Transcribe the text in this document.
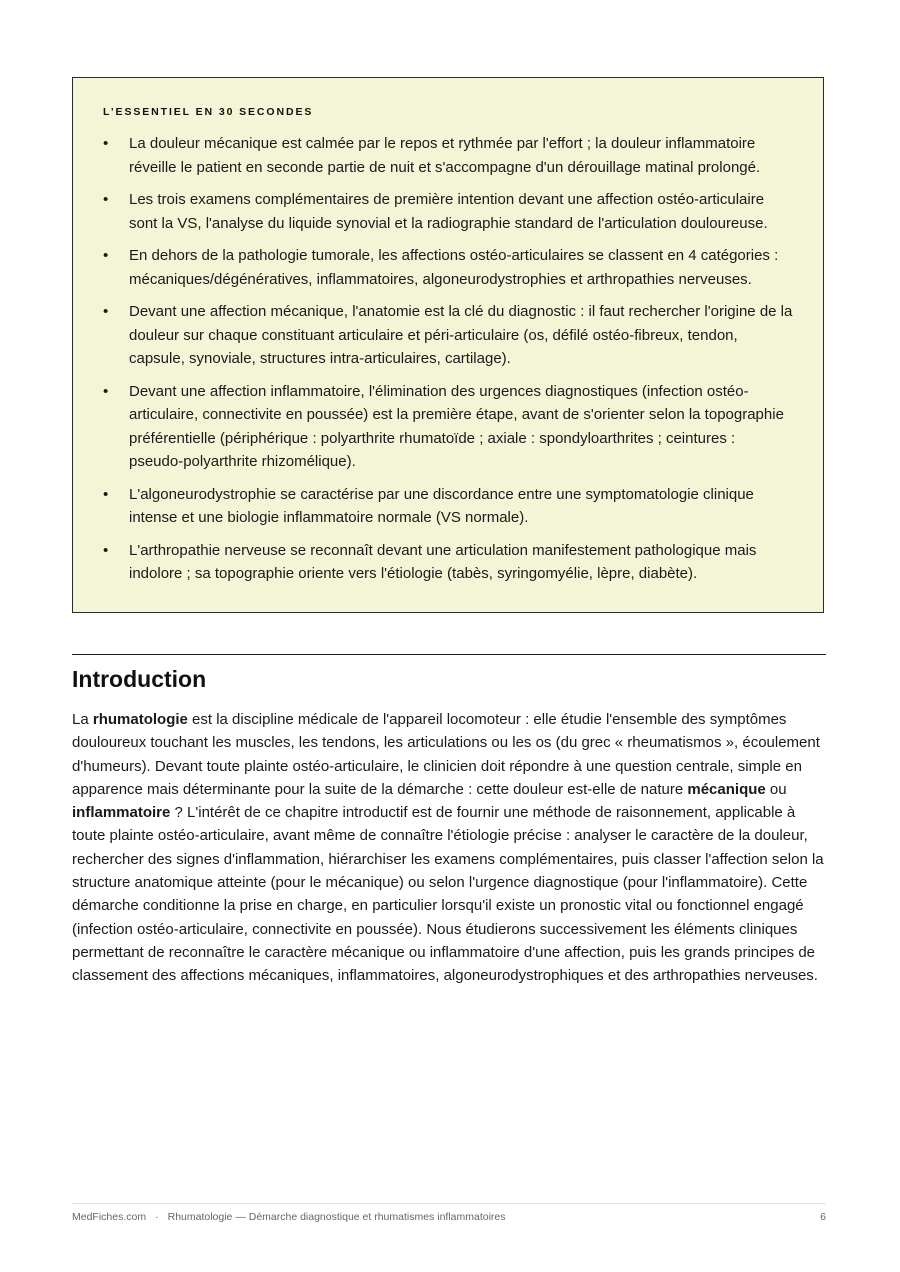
L’ESSENTIEL EN 30 SECONDES
• La douleur mécanique est calmée par le repos et rythmée par l'effort ; la douleur inflammatoire réveille le patient en seconde partie de nuit et s'accompagne d'un dérouillage matinal prolongé.
• Les trois examens complémentaires de première intention devant une affection ostéo-articulaire sont la VS, l'analyse du liquide synovial et la radiographie standard de l'articulation douloureuse.
• En dehors de la pathologie tumorale, les affections ostéo-articulaires se classent en 4 catégories : mécaniques/dégénératives, inflammatoires, algoneurodystrophies et arthropathies nerveuses.
• Devant une affection mécanique, l'anatomie est la clé du diagnostic : il faut rechercher l'origine de la douleur sur chaque constituant articulaire et péri-articulaire (os, défilé ostéo-fibreux, tendon, capsule, synoviale, structures intra-articulaires, cartilage).
• Devant une affection inflammatoire, l'élimination des urgences diagnostiques (infection ostéo-articulaire, connectivite en poussée) est la première étape, avant de s'orienter selon la topographie préférentielle (périphérique : polyarthrite rhumatoïde ; axiale : spondyloarthrites ; ceintures : pseudo-polyarthrite rhizomélique).
• L'algoneurodystrophie se caractérise par une discordance entre une symptomatologie clinique intense et une biologie inflammatoire normale (VS normale).
• L'arthropathie nerveuse se reconnaît devant une articulation manifestement pathologique mais indolore ; sa topographie oriente vers l'étiologie (tabès, syringomyélie, lèpre, diabète).
Introduction

La rhumatologie est la discipline médicale de l'appareil locomoteur : elle étudie l'ensemble des symptômes douloureux touchant les muscles, les tendons, les articulations ou les os (du grec « rheumatismos », écoulement d'humeurs). Devant toute plainte ostéo-articulaire, le clinicien doit répondre à une question centrale, simple en apparence mais déterminante pour la suite de la démarche : cette douleur est-elle de nature mécanique ou inflammatoire ? L'intérêt de ce chapitre introductif est de fournir une méthode de raisonnement, applicable à toute plainte ostéo-articulaire, avant même de connaître l'étiologie précise : analyser le caractère de la douleur, rechercher des signes d'inflammation, hiérarchiser les examens complémentaires, puis classer l'affection selon la structure anatomique atteinte (pour le mécanique) ou selon l'urgence diagnostique (pour l'inflammatoire). Cette démarche conditionne la prise en charge, en particulier lorsqu'il existe un pronostic vital ou fonctionnel engagé (infection ostéo-articulaire, connectivite en poussée). Nous étudierons successivement les éléments cliniques permettant de reconnaître le caractère mécanique ou inflammatoire d'une affection, puis les grands principes de classement des affections mécaniques, inflammatoires, algoneurodystrophiques et des arthropathies nerveuses.

MedFiches.com · Rhumatologie — Démarche diagnostique et rhumatismes inflammatoires	6
